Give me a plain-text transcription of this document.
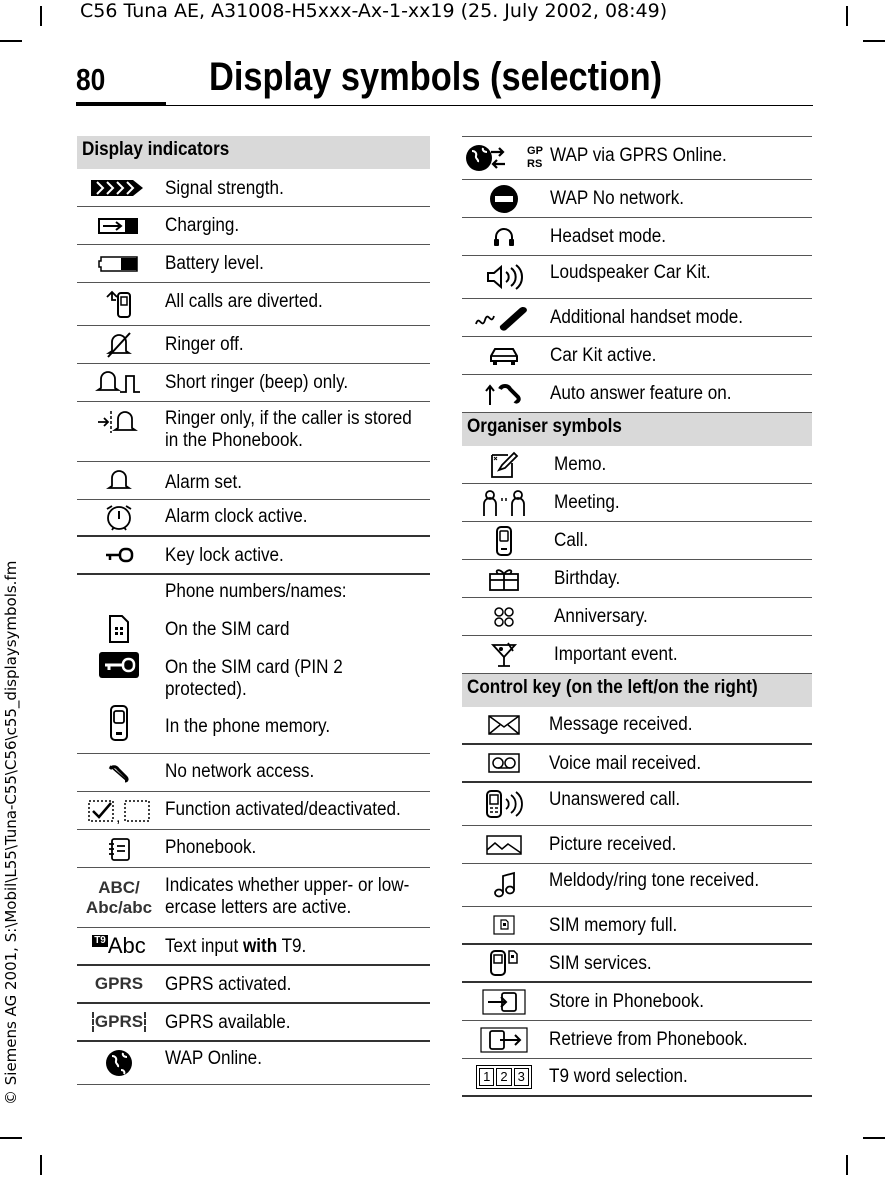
C56 Tuna AE, A31008-H5xxx-Ax-1-xx19 (25. July 2002, 08:49)
© Siemens AG 2001, S:\Mobil\L55\Tuna-C55\C56\c55_displaysymbols.fm
80	Display symbols (selection)
Display indicators
Signal strength.
Charging.
Battery level.
All calls are diverted.
Ringer off.
Short ringer (beep) only.
Ringer only, if the caller is stored
in the Phonebook.
Alarm set.
Alarm clock active.
Key lock active.
Phone numbers/names:
On the SIM card
On the SIM card (PIN 2
protected).
In the phone memory.
No network access.
, Function activated/deactivated.
Phonebook.
ABC/
Abc/abc
Indicates whether upper- or low-
ercase letters are active.
T9 Abc Text input with T9.
GPRS GPRS activated.
GPRS GPRS available.
WAP Online.
GP
RS WAP via GPRS Online.
WAP No network.
Headset mode.
Loudspeaker Car Kit.
Additional handset mode.
Car Kit active.
Auto answer feature on.
Organiser symbols
Memo.
Meeting.
Call.
Birthday.
Anniversary.
Important event.
Control key (on the left/on the right)
Message received.
Voice mail received.
Unanswered call.
Picture received.
Meldody/ring tone received.
SIM memory full.
SIM services.
Store in Phonebook.
Retrieve from Phonebook.
1 2 3 T9 word selection.
